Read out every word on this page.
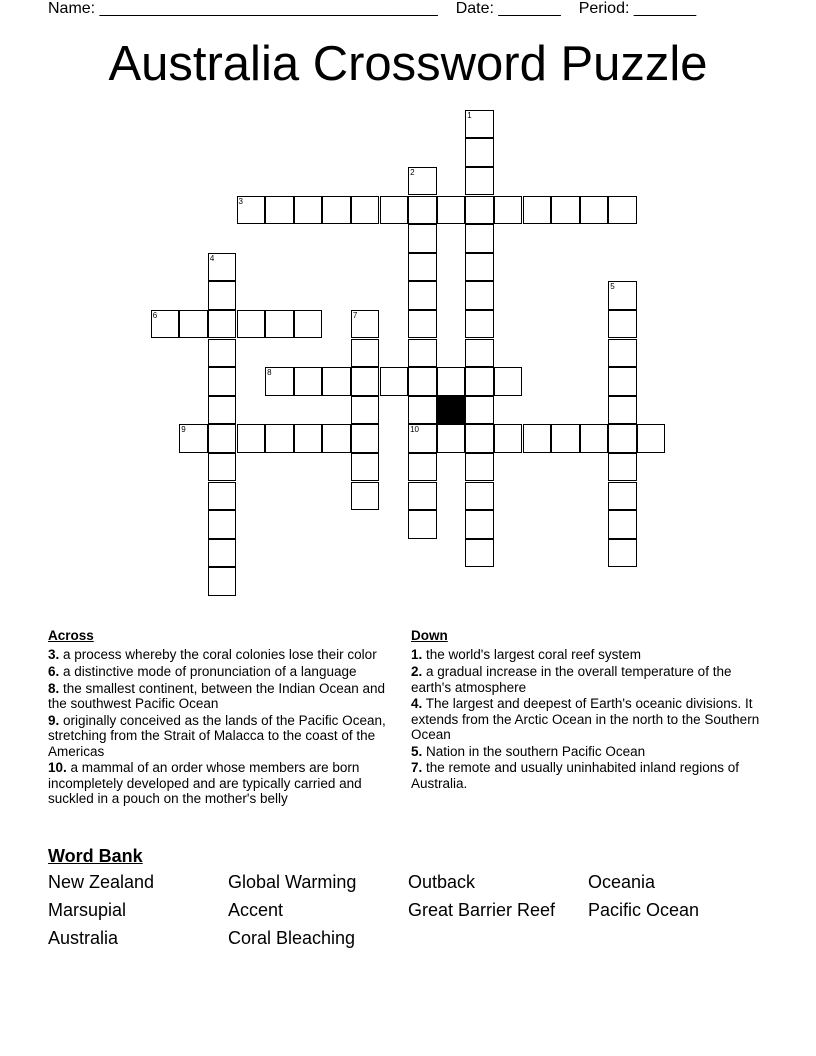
Name: ______________________________________ Date: _______ Period: _______
Australia Crossword Puzzle
1
2
10
3
4
5
6	7
8
9
Across
3. a process whereby the coral colonies lose their color
6. a distinctive mode of pronunciation of a language
8. the smallest continent, between the Indian Ocean and the southwest Pacific Ocean
9. originally conceived as the lands of the Pacific Ocean, stretching from the Strait of Malacca to the coast of the Americas
10. a mammal of an order whose members are born incompletely developed and are typically carried and suckled in a pouch on the mother's belly
Down
1. the world's largest coral reef system
2. a gradual increase in the overall temperature of the earth's atmosphere
4. The largest and deepest of Earth's oceanic divisions. It extends from the Arctic Ocean in the north to the Southern Ocean
5. Nation in the southern Pacific Ocean
7. the remote and usually uninhabited inland regions of Australia.
Word Bank
New Zealand	Global Warming	Outback	Oceania
Marsupial	Accent	Great Barrier Reef	Pacific Ocean
Australia	Coral Bleaching
